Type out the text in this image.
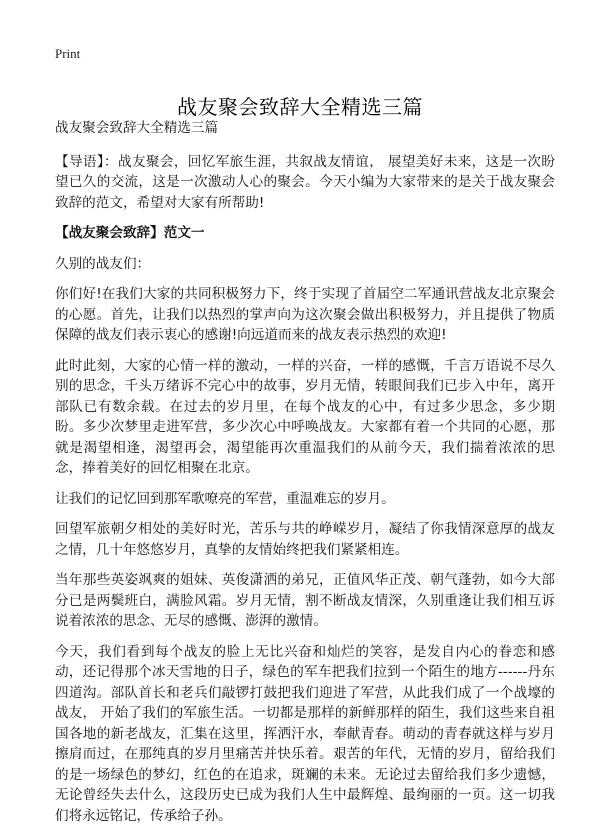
Print
战友聚会致辞大全精选三篇

战友聚会致辞大全精选三篇

【导语】：战友聚会，回忆军旅生涯，共叙战友情谊， 展望美好未来，这是一次盼望已久的交流，这是一次激动人心的聚会。今天小编为大家带来的是关于战友聚会致辞的范文，希望对大家有所帮助!

【战友聚会致辞】范文一

久别的战友们：

你们好!在我们大家的共同积极努力下，终于实现了首届空二军通讯营战友北京聚会的心愿。首先，让我们以热烈的掌声向为这次聚会做出积极努力，并且提供了物质保障的战友们表示衷心的感谢!向远道而来的战友表示热烈的欢迎!

此时此刻，大家的心情一样的激动，一样的兴奋，一样的感慨，千言万语说不尽久别的思念，千头万绪诉不完心中的故事，岁月无情，转眼间我们已步入中年，离开部队已有数余载。在过去的岁月里，在每个战友的心中，有过多少思念，多少期盼。多少次梦里走进军营，多少次心中呼唤战友。大家都有着一个共同的心愿，那就是渴望相逢，渴望再会，渴望能再次重温我们的从前今天，我们揣着浓浓的思念，捧着美好的回忆相聚在北京。

让我们的记忆回到那军歌嘹亮的军营，重温难忘的岁月。

回望军旅朝夕相处的美好时光，苦乐与共的峥嵘岁月，凝结了你我情深意厚的战友之情，几十年悠悠岁月，真挚的友情始终把我们紧紧相连。

当年那些英姿飒爽的姐妹、英俊潇洒的弟兄，正值风华正茂、朝气蓬勃，如今大部分已是两鬓班白，满脸风霜。岁月无情，割不断战友情深，久别重逢让我们相互诉说着浓浓的思念、无尽的感慨、澎湃的激情。

今天，我们看到每个战友的脸上无比兴奋和灿烂的笑容，是发自内心的眷恋和感动，还记得那个冰天雪地的日子，绿色的军车把我们拉到一个陌生的地方------丹东四道沟。部队首长和老兵们敲锣打鼓把我们迎进了军营，从此我们成了一个战壕的战友， 开始了我们的军旅生活。一切都是那样的新鲜那样的陌生，我们这些来自祖国各地的新老战友，汇集在这里，挥洒汗水，奉献青春。萌动的青春就这样与岁月擦肩而过，在那纯真的岁月里痛苦并快乐着。艰苦的年代，无情的岁月，留给我们的是一场绿色的梦幻，红色的在追求，斑斓的未来。无论过去留给我们多少遗憾，无论曾经失去什么，这段历史已成为我们人生中最辉煌、最绚丽的一页。这一切我们将永远铭记，传承给子孙。
